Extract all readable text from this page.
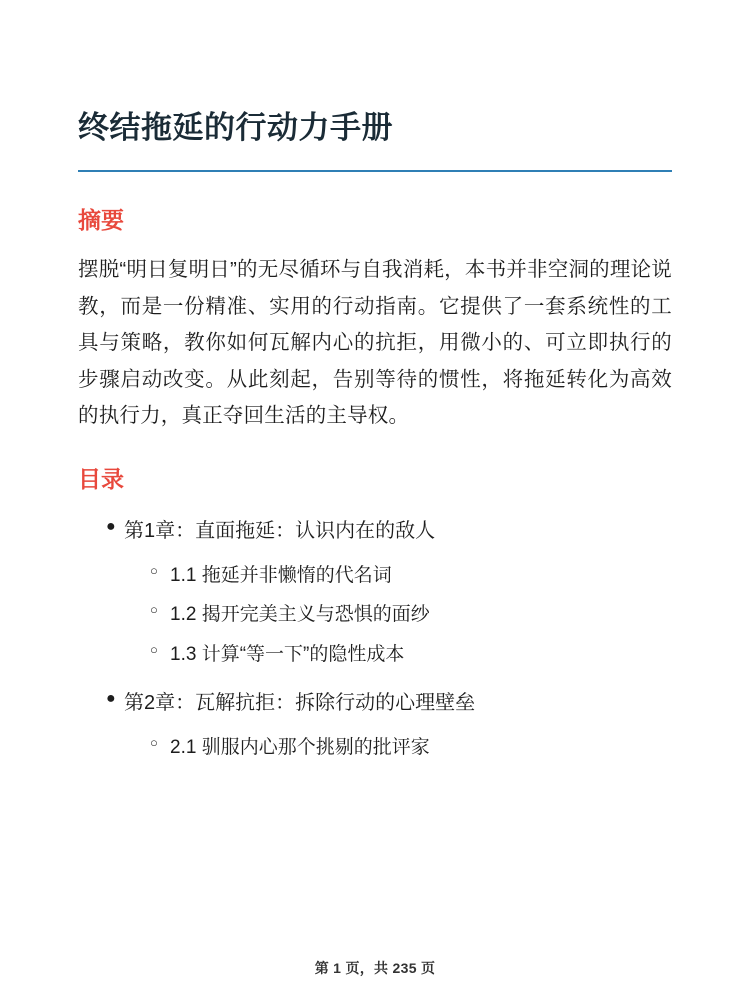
终结拖延的行动力手册
摘要

摆脱“明日复明日”的无尽循环与自我消耗，本书并非空洞的理论说教，而是一份精准、实用的行动指南。它提供了一套系统性的工具与策略，教你如何瓦解内心的抗拒，用微小的、可立即执行的步骤启动改变。从此刻起，告别等待的惯性，将拖延转化为高效的执行力，真正夺回生活的主导权。

目录
● 第1章：直面拖延：认识内在的敌人
○ 1.1 拖延并非懒惰的代名词
○ 1.2 揭开完美主义与恐惧的面纱
○ 1.3 计算“等一下”的隐性成本
● 第2章：瓦解抗拒：拆除行动的心理壁垒
○ 2.1 驯服内心那个挑剔的批评家
第 1 页，共 235 页
